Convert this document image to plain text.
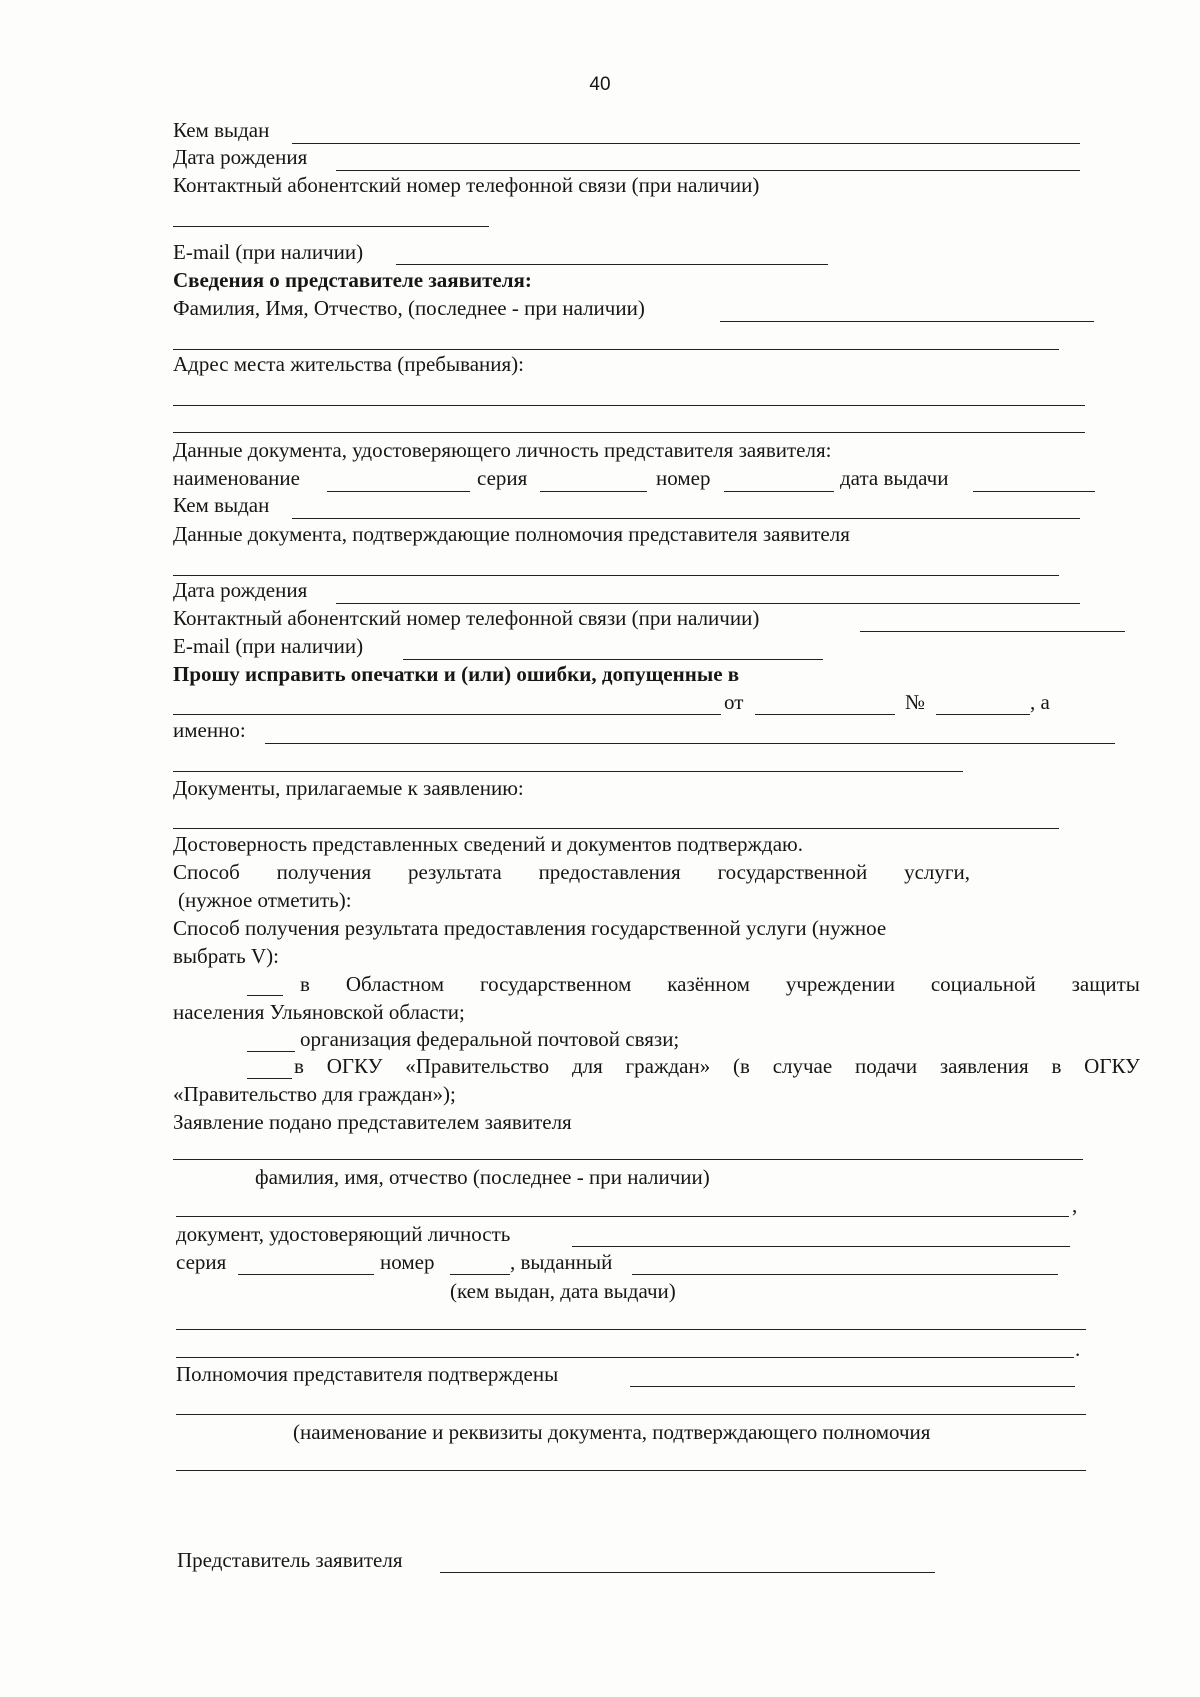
40
Кем выдан
Дата рождения
Контактный абонентский номер телефонной связи (при наличии)
E-mail (при наличии)
Сведения о представителе заявителя:
Фамилия, Имя, Отчество, (последнее - при наличии)
Адрес места жительства (пребывания):
Данные документа, удостоверяющего личность представителя заявителя:
наименование	серия	номер	дата выдачи
Кем выдан
Данные документа, подтверждающие полномочия представителя заявителя
Дата рождения
Контактный абонентский номер телефонной связи (при наличии)
E-mail (при наличии)
Прошу исправить опечатки и (или) ошибки, допущенные в
от	№	, а
именно:
Документы, прилагаемые к заявлению:
Достоверность представленных сведений и документов подтверждаю.
Способ получения результата предоставления государственной услуги,
(нужное отметить):
Способ получения результата предоставления государственной услуги (нужное
выбрать V):
в Областном государственном казённом учреждении социальной защиты
населения Ульяновской области;
организация федеральной почтовой связи;
в ОГКУ «Правительство для граждан» (в случае подачи заявления в ОГКУ
«Правительство для граждан»);
Заявление подано представителем заявителя
фамилия, имя, отчество (последнее - при наличии)
,
документ, удостоверяющий личность
серия	номер	, выданный
(кем выдан, дата выдачи)
.
Полномочия представителя подтверждены
(наименование и реквизиты документа, подтверждающего полномочия
Представитель заявителя
